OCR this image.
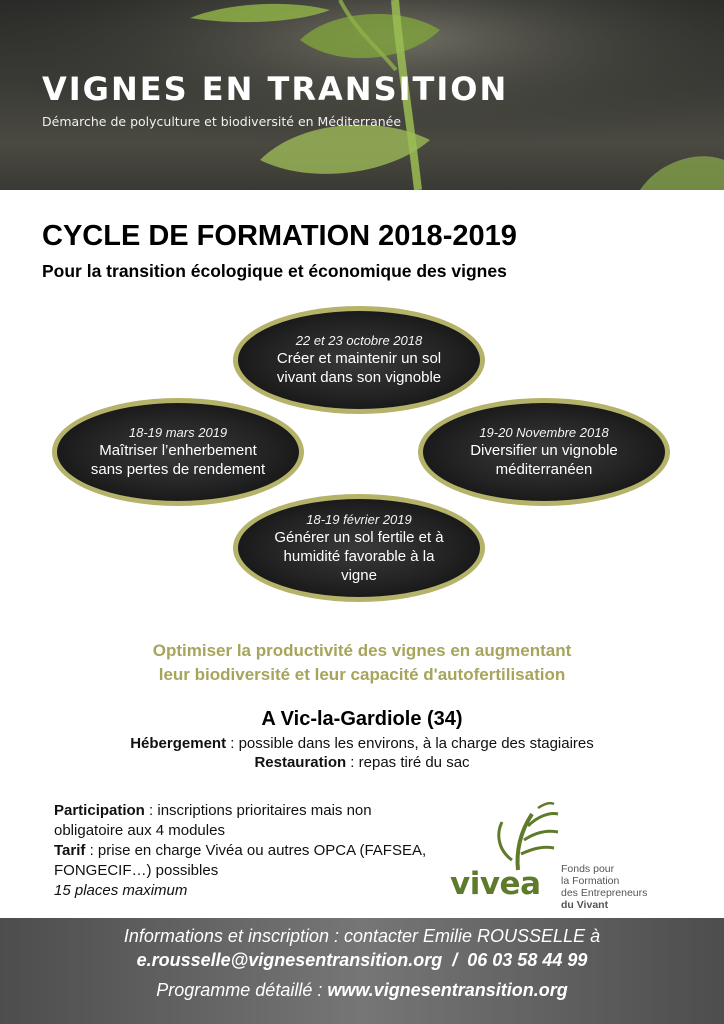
VIGNES EN TRANSITION
Démarche de polyculture et biodiversité en Méditerranée
CYCLE DE FORMATION 2018-2019
Pour la transition écologique et économique des vignes
22 et 23 octobre 2018
Créer et maintenir un sol vivant dans son vignoble
18-19 mars 2019
Maîtriser l’enherbement sans pertes de rendement
19-20 Novembre 2018
Diversifier un vignoble méditerranéen
18-19 février 2019
Générer un sol fertile et à humidité favorable à la vigne
Optimiser la productivité des vignes en augmentant
leur biodiversité et leur capacité d'autofertilisation
A Vic-la-Gardiole (34)
Hébergement : possible dans les environs, à la charge des stagiaires
Restauration : repas tiré du sac
Participation : inscriptions prioritaires mais non obligatoire aux 4 modules
Tarif : prise en charge Vivéa ou autres OPCA (FAFSEA, FONGECIF…) possibles
15 places maximum	vivea Fonds pour
la Formation
des Entrepreneurs
du Vivant
Informations et inscription : contacter Emilie ROUSSELLE à
e.rousselle@vignesentransition.org  /  06 03 58 44 99
Programme détaillé : www.vignesentransition.org
